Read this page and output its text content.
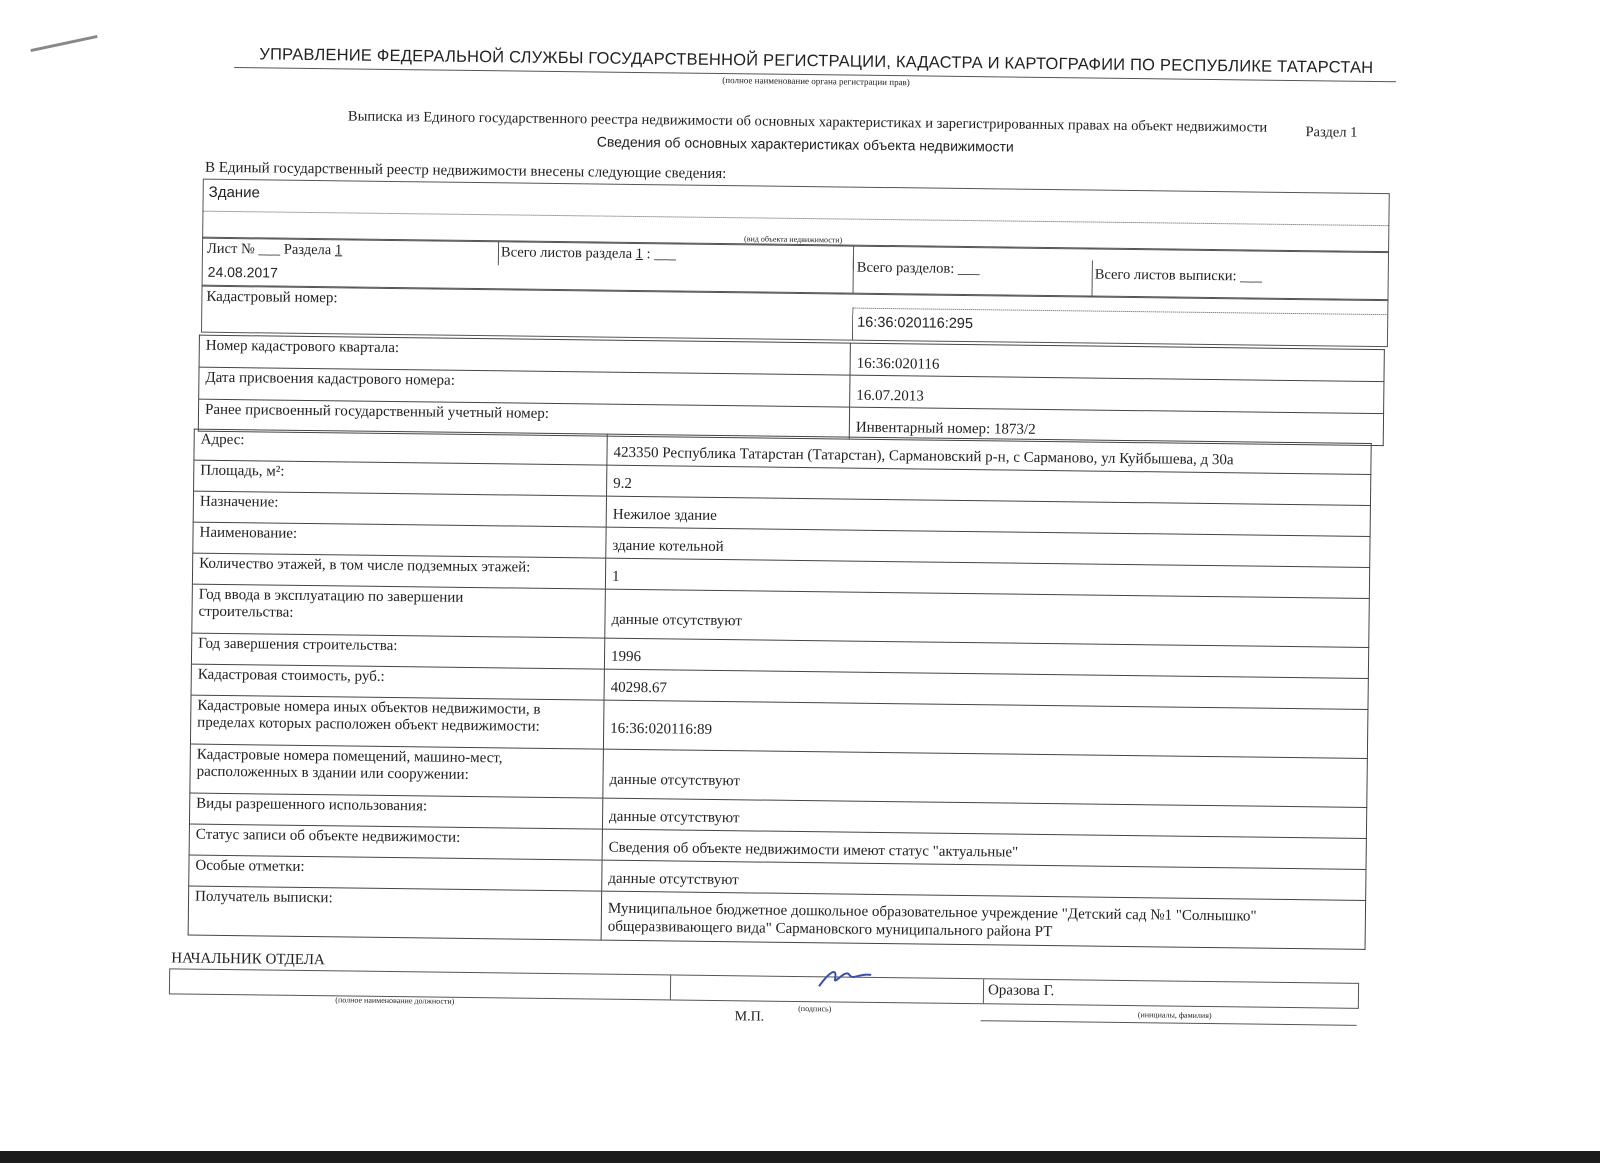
УПРАВЛЕНИЕ ФЕДЕРАЛЬНОЙ СЛУЖБЫ ГОСУДАРСТВЕННОЙ РЕГИСТРАЦИИ, КАДАСТРА И КАРТОГРАФИИ ПО РЕСПУБЛИКЕ ТАТАРСТАН
(полное наименование органа регистрации прав)
Выписка из Единого государственного реестра недвижимости об основных характеристиках и зарегистрированных правах на объект недвижимости	Раздел 1
Сведения об основных характеристиках объекта недвижимости
В Единый государственный реестр недвижимости внесены следующие сведения:
Здание
(вид объекта недвижимости)
Лист № ___ Раздела 1	Всего листов раздела 1 : ___
Всего разделов: ___	Всего листов выписки: ___
24.08.2017
Кадастровый номер:
16:36:020116:295
Номер кадастрового квартала:	16:36:020116
Дата присвоения кадастрового номера:	16.07.2013
Ранее присвоенный государственный учетный номер:	Инвентарный номер: 1873/2
Адрес:	423350 Республика Татарстан (Татарстан), Сармановский р-н, с Сарманово, ул Куйбышева, д 30а
Площадь, м²:	9.2
Назначение:	Нежилое здание
Наименование:	здание котельной
Количество этажей, в том числе подземных этажей:	1
Год ввода в эксплуатацию по завершении строительства:	данные отсутствуют
Год завершения строительства:	1996
Кадастровая стоимость, руб.:	40298.67
Кадастровые номера иных объектов недвижимости, в пределах которых расположен объект недвижимости:	16:36:020116:89
Кадастровые номера помещений, машино-мест, расположенных в здании или сооружении:	данные отсутствуют
Виды разрешенного использования:	данные отсутствуют
Статус записи об объекте недвижимости:	Сведения об объекте недвижимости имеют статус "актуальные"
Особые отметки:	данные отсутствуют
Получатель выписки:	Муниципальное бюджетное дошкольное образовательное учреждение "Детский сад №1 "Солнышко" общеразвивающего вида" Сармановского муниципального района РТ
НАЧАЛЬНИК ОТДЕЛА
Оразова Г.
(полное наименование должности)
(подпись)
(инициалы, фамилия)
М.П.
